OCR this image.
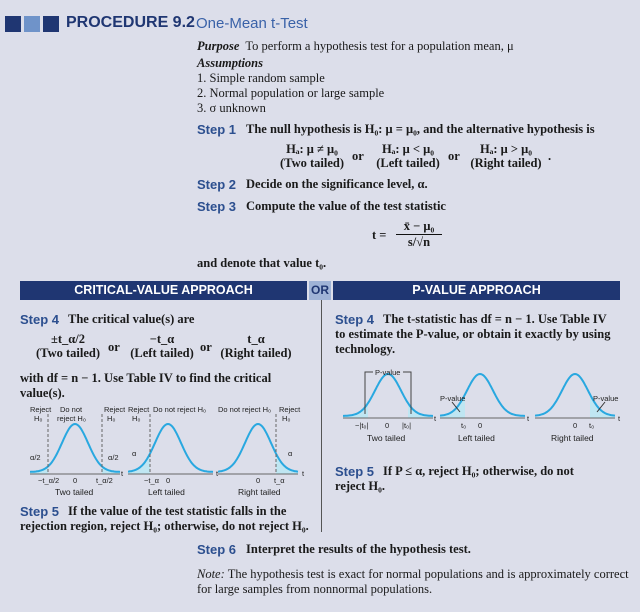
PROCEDURE 9.2 One-Mean t-Test
Purpose To perform a hypothesis test for a population mean, μ
Assumptions
1. Simple random sample
2. Normal population or large sample
3. σ unknown
Step 1 The null hypothesis is H₀: μ = μ₀, and the alternative hypothesis is
Hₐ: μ ≠ μ₀
(Two tailed) or	Hₐ: μ < μ₀
(Left tailed) or	Hₐ: μ > μ₀
(Right tailed) .
Step 2 Decide on the significance level, α.
Step 3 Compute the value of the test statistic
$t = \frac{\text{x̄ − μ₀}}{s/√n}$
and denote that value t₀.
CRITICAL-VALUE APPROACH	OR	P-VALUE APPROACH
Step 4 The critical value(s) are
±t_α/2
(Two tailed) or
−t_α
(Left tailed) or
t_α
(Right tailed)
with df = n − 1. Use Table IV to find the critical
value(s).
Reject
H₀
Do not
reject H₀
Reject
H₀
α/2	α/2
−t_α/2 0	t_α/2
t
Two tailed
Reject
H₀
Do not reject H₀
α
−t_α 0
t
Left tailed
Do not reject H₀ Reject
H₀
α
0 t_α
t
Right tailed
Step 5 If the value of the test statistic falls in the
rejection region, reject H₀; otherwise, do not reject H₀.
Step 4 The t-statistic has df = n − 1. Use Table IV
to estimate the P-value, or obtain it exactly by using
technology.
P-value
−|t₀| 0 |t₀|
t
Two tailed
P-value
t₀ 0
t
Left tailed
P-value
0 t₀
t
Right tailed
Step 5 If P ≤ α, reject H₀; otherwise, do not
reject H₀.
Step 6 Interpret the results of the hypothesis test.
Note: The hypothesis test is exact for normal populations and is approximately correct
for large samples from nonnormal populations.
